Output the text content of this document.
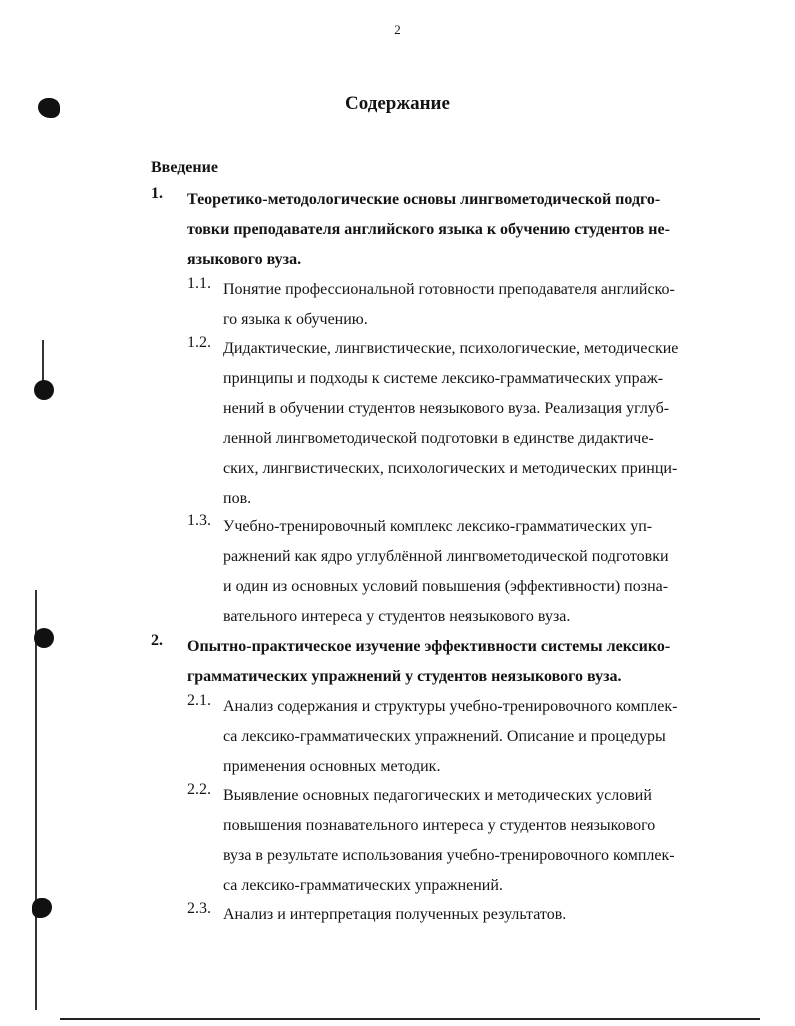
2
Содержание
Введение
1. Теоретико-методологические основы лингвометодической подго-
товки преподавателя английского языка к обучению студентов не-
языкового вуза.
1.1. Понятие профессиональной готовности преподавателя английско-
го языка к обучению.
1.2. Дидактические, лингвистические, психологические, методические
принципы и подходы к системе лексико-грамматических упраж-
нений в обучении студентов неязыкового вуза. Реализация углуб-
ленной лингвометодической подготовки в единстве дидактиче-
ских, лингвистических, психологических и методических принци-
пов.
1.3. Учебно-тренировочный комплекс лексико-грамматических уп-
ражнений как ядро углублённой лингвометодической подготовки
и один из основных условий повышения (эффективности) позна-
вательного интереса у студентов неязыкового вуза.
2. Опытно-практическое изучение эффективности системы лексико-
грамматических упражнений у студентов неязыкового вуза.
2.1. Анализ содержания и структуры учебно-тренировочного комплек-
са лексико-грамматических упражнений. Описание и процедуры
применения основных методик.
2.2. Выявление основных педагогических и методических условий
повышения познавательного интереса у студентов неязыкового
вуза в результате использования учебно-тренировочного комплек-
са лексико-грамматических упражнений.
2.3. Анализ и интерпретация полученных результатов.
